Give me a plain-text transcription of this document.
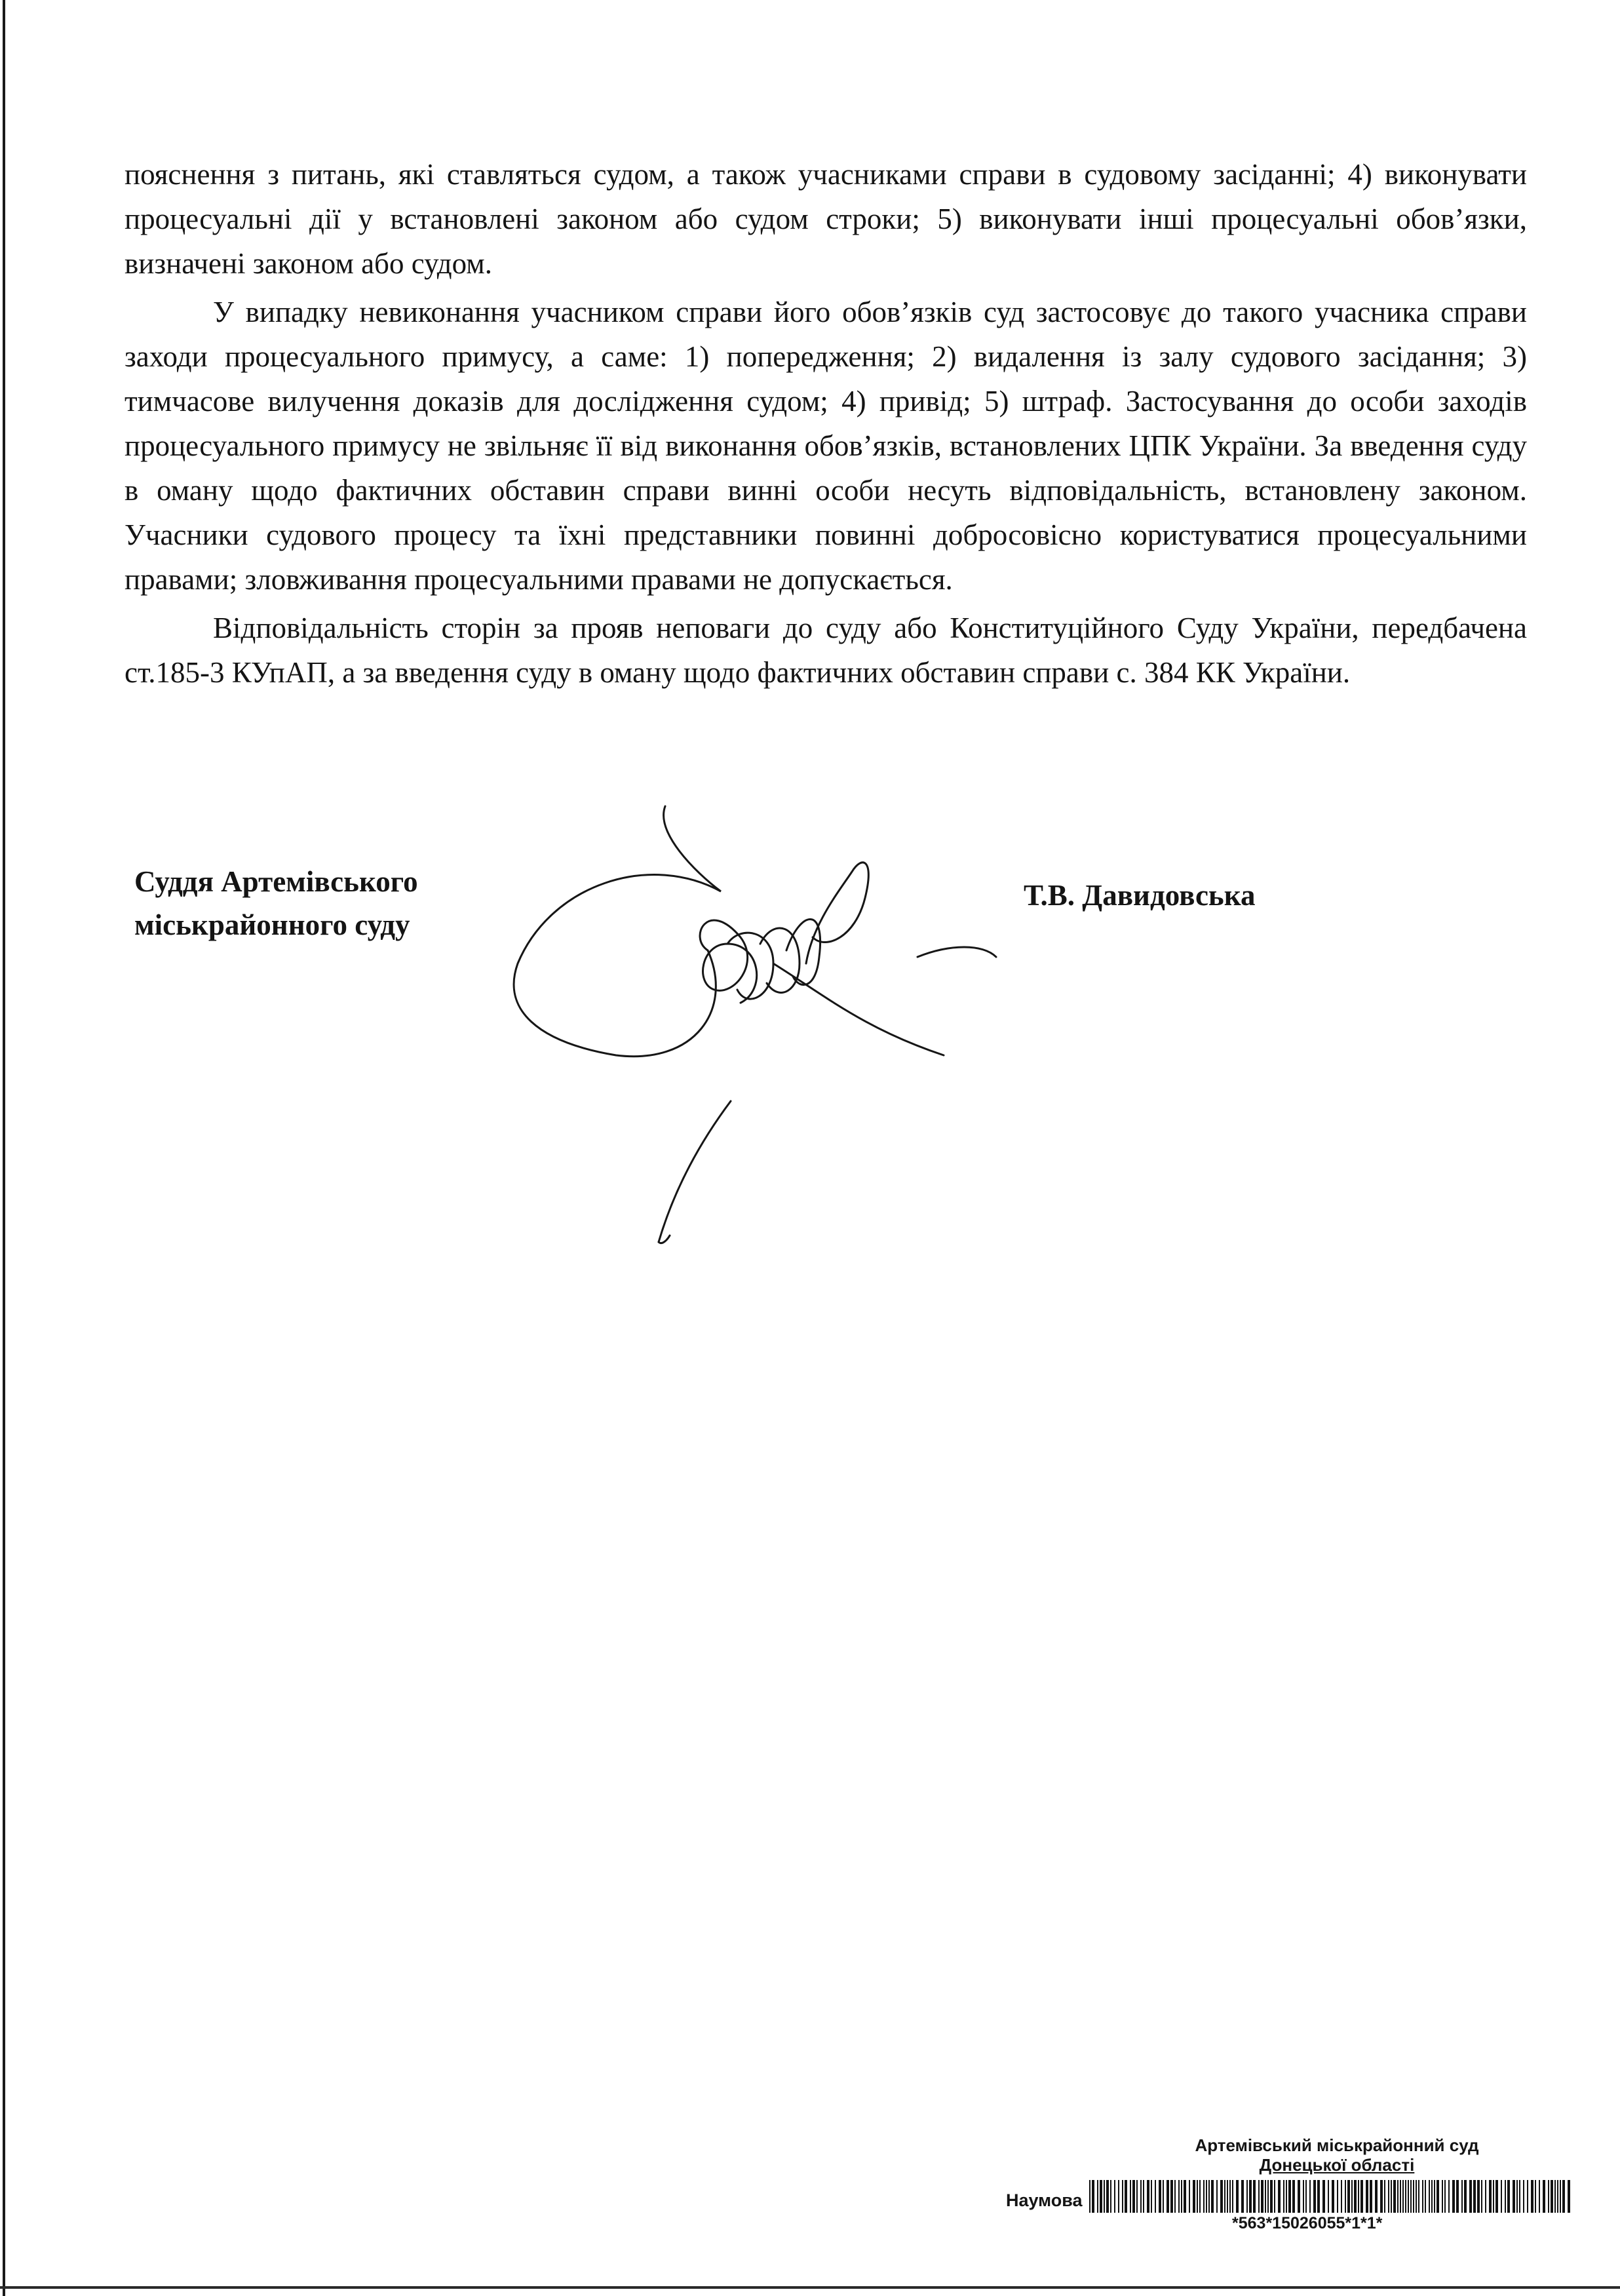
пояснення з питань, які ставляться судом, а також учасниками справи в судовому засіданні; 4) виконувати процесуальні дії у встановлені законом або судом строки; 5) виконувати інші процесуальні обов’язки, визначені законом або судом.

У випадку невиконання учасником справи його обов’язків суд застосовує до такого учасника справи заходи процесуального примусу, а саме: 1) попередження; 2) видалення із залу судового засідання; 3) тимчасове вилучення доказів для дослідження судом; 4) привід; 5) штраф. Застосування до особи заходів процесуального примусу не звільняє її від виконання обов’язків, встановлених ЦПК України. За введення суду в оману щодо фактичних обставин справи винні особи несуть відповідальність, встановлену законом. Учасники судового процесу та їхні представники повинні добросовісно користуватися процесуальними правами; зловживання процесуальними правами не допускається.

Відповідальність сторін за прояв неповаги до суду або Конституційного Суду України, передбачена ст.185-3 КУпАП, а за введення суду в оману щодо фактичних обставин справи с. 384 КК України.

Суддя Артемівського
міськрайонного суду
Т.В. Давидовська
Артемівський міськрайонний суд
Донецької області
Наумова
*563*15026055*1*1*
